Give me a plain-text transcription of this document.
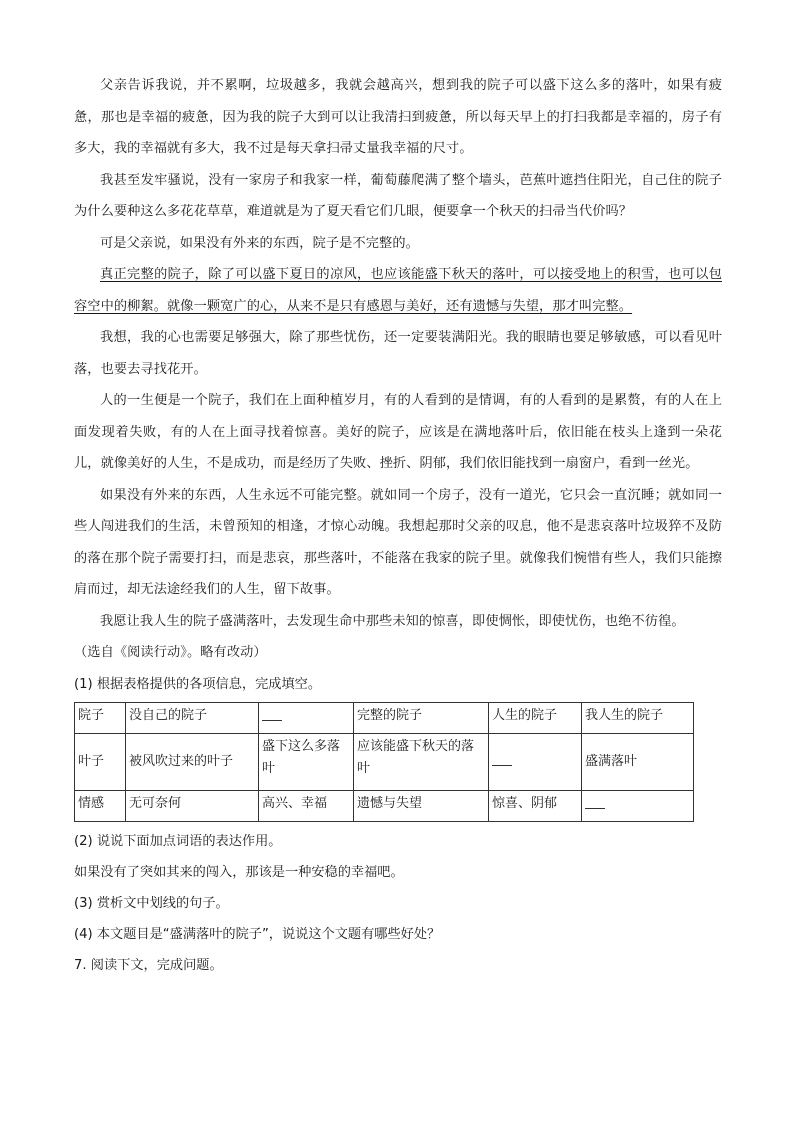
父亲告诉我说，并不累啊，垃圾越多，我就会越高兴，想到我的院子可以盛下这么多的落叶，如果有疲惫，那也是幸福的疲惫，因为我的院子大到可以让我清扫到疲惫，所以每天早上的打扫我都是幸福的，房子有多大，我的幸福就有多大，我不过是每天拿扫帚丈量我幸福的尺寸。

我甚至发牢骚说，没有一家房子和我家一样，葡萄藤爬满了整个墙头，芭蕉叶遮挡住阳光，自己住的院子为什么要种这么多花花草草，难道就是为了夏天看它们几眼，便要拿一个秋天的扫帚当代价吗？

可是父亲说，如果没有外来的东西，院子是不完整的。

真正完整的院子，除了可以盛下夏日的凉风，也应该能盛下秋天的落叶，可以接受地上的积雪，也可以包容空中的柳絮。就像一颗宽广的心，从来不是只有感恩与美好，还有遗憾与失望，那才叫完整。

我想，我的心也需要足够强大，除了那些忧伤，还一定要装满阳光。我的眼睛也要足够敏感，可以看见叶落，也要去寻找花开。

人的一生便是一个院子，我们在上面种植岁月，有的人看到的是情调，有的人看到的是累赘，有的人在上面发现着失败，有的人在上面寻找着惊喜。美好的院子，应该是在满地落叶后，依旧能在枝头上逢到一朵花儿，就像美好的人生，不是成功，而是经历了失败、挫折、阴郁，我们依旧能找到一扇窗户，看到一丝光。

如果没有外来的东西，人生永远不可能完整。就如同一个房子，没有一道光，它只会一直沉睡；就如同一些人闯进我们的生活，未曾预知的相逢，才惊心动魄。我想起那时父亲的叹息，他不是悲哀落叶垃圾猝不及防的落在那个院子需要打扫，而是悲哀，那些落叶，不能落在我家的院子里。就像我们惋惜有些人，我们只能擦肩而过，却无法途经我们的人生，留下故事。

我愿让我人生的院子盛满落叶，去发现生命中那些未知的惊喜，即使惆怅，即使忧伤，也绝不彷徨。

（选自《阅读行动》。略有改动）

(1) 根据表格提供的各项信息，完成填空。

院子	没自己的院子		完整的院子	人生的院子	我人生的院子
叶子	被风吹过来的叶子	盛下这么多落叶	应该能盛下秋天的落叶		盛满落叶
情感	无可奈何	高兴、幸福	遗憾与失望	惊喜、阴郁	

(2) 说说下面加点词语的表达作用。

如果没有了突如其来的闯入，那该是一种安稳的幸福吧。

(3) 赏析文中划线的句子。

(4) 本文题目是“盛满落叶的院子”，说说这个文题有哪些好处？

7. 阅读下文，完成问题。
